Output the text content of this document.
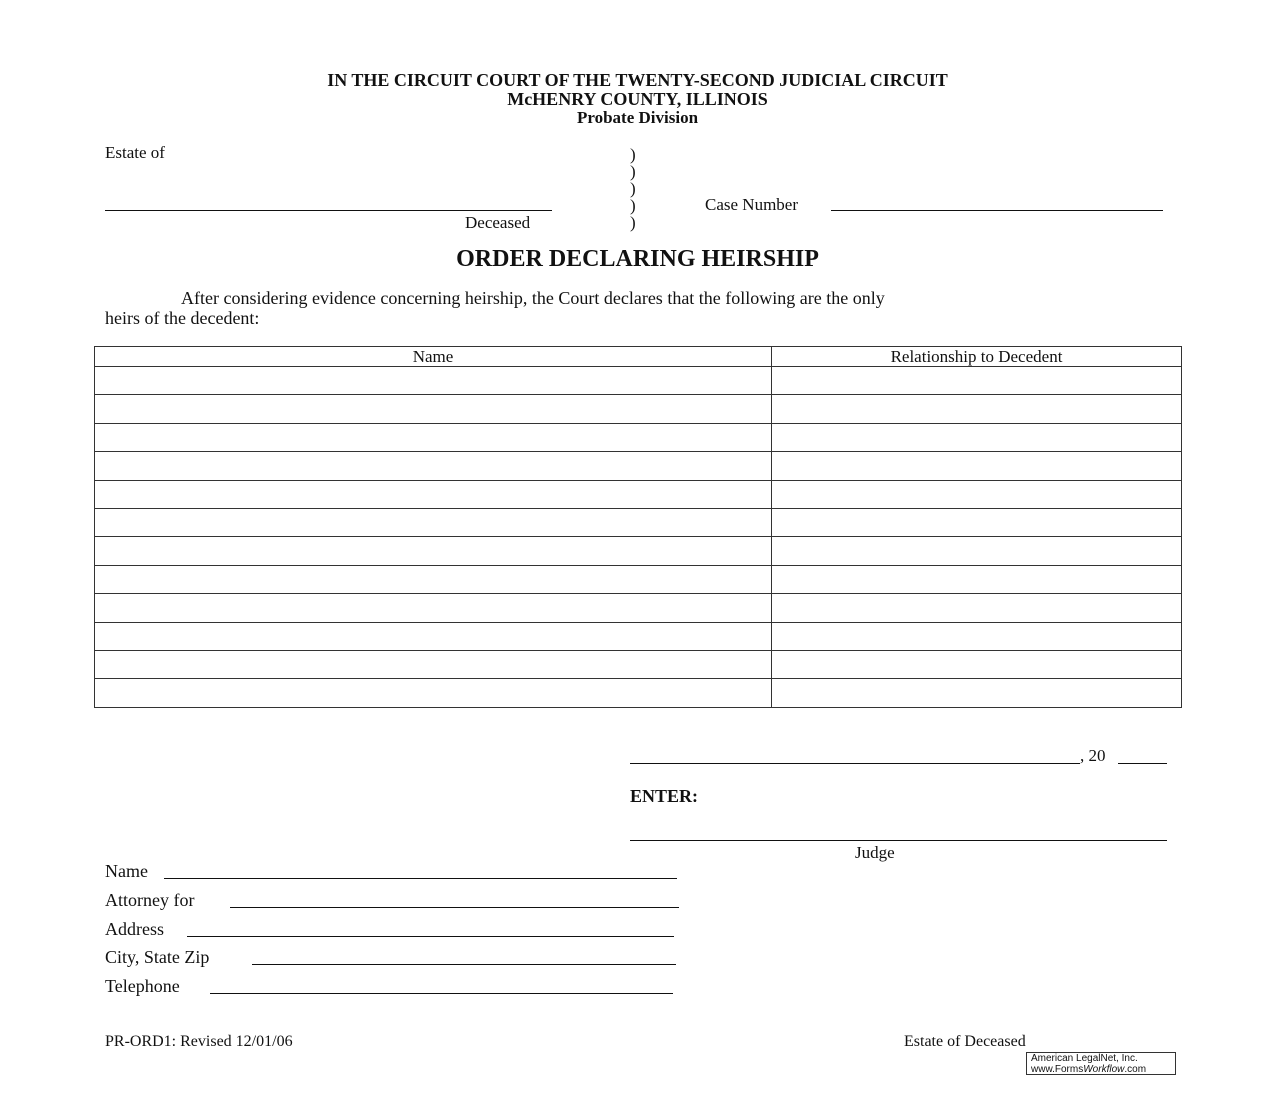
IN THE CIRCUIT COURT OF THE TWENTY-SECOND JUDICIAL CIRCUIT
McHENRY COUNTY, ILLINOIS
Probate Division
Estate of
Deceased
)
)
)
)
)
Case Number
ORDER DECLARING HEIRSHIP
After considering evidence concerning heirship, the Court declares that the following are the only
heirs of the decedent:
Name	Relationship to Decedent

, 20
ENTER:
Judge
Name
Attorney for
Address
City, State Zip
Telephone
PR-ORD1: Revised 12/01/06	Estate of Deceased
American LegalNet, Inc.
www.FormsWorkflow.com
